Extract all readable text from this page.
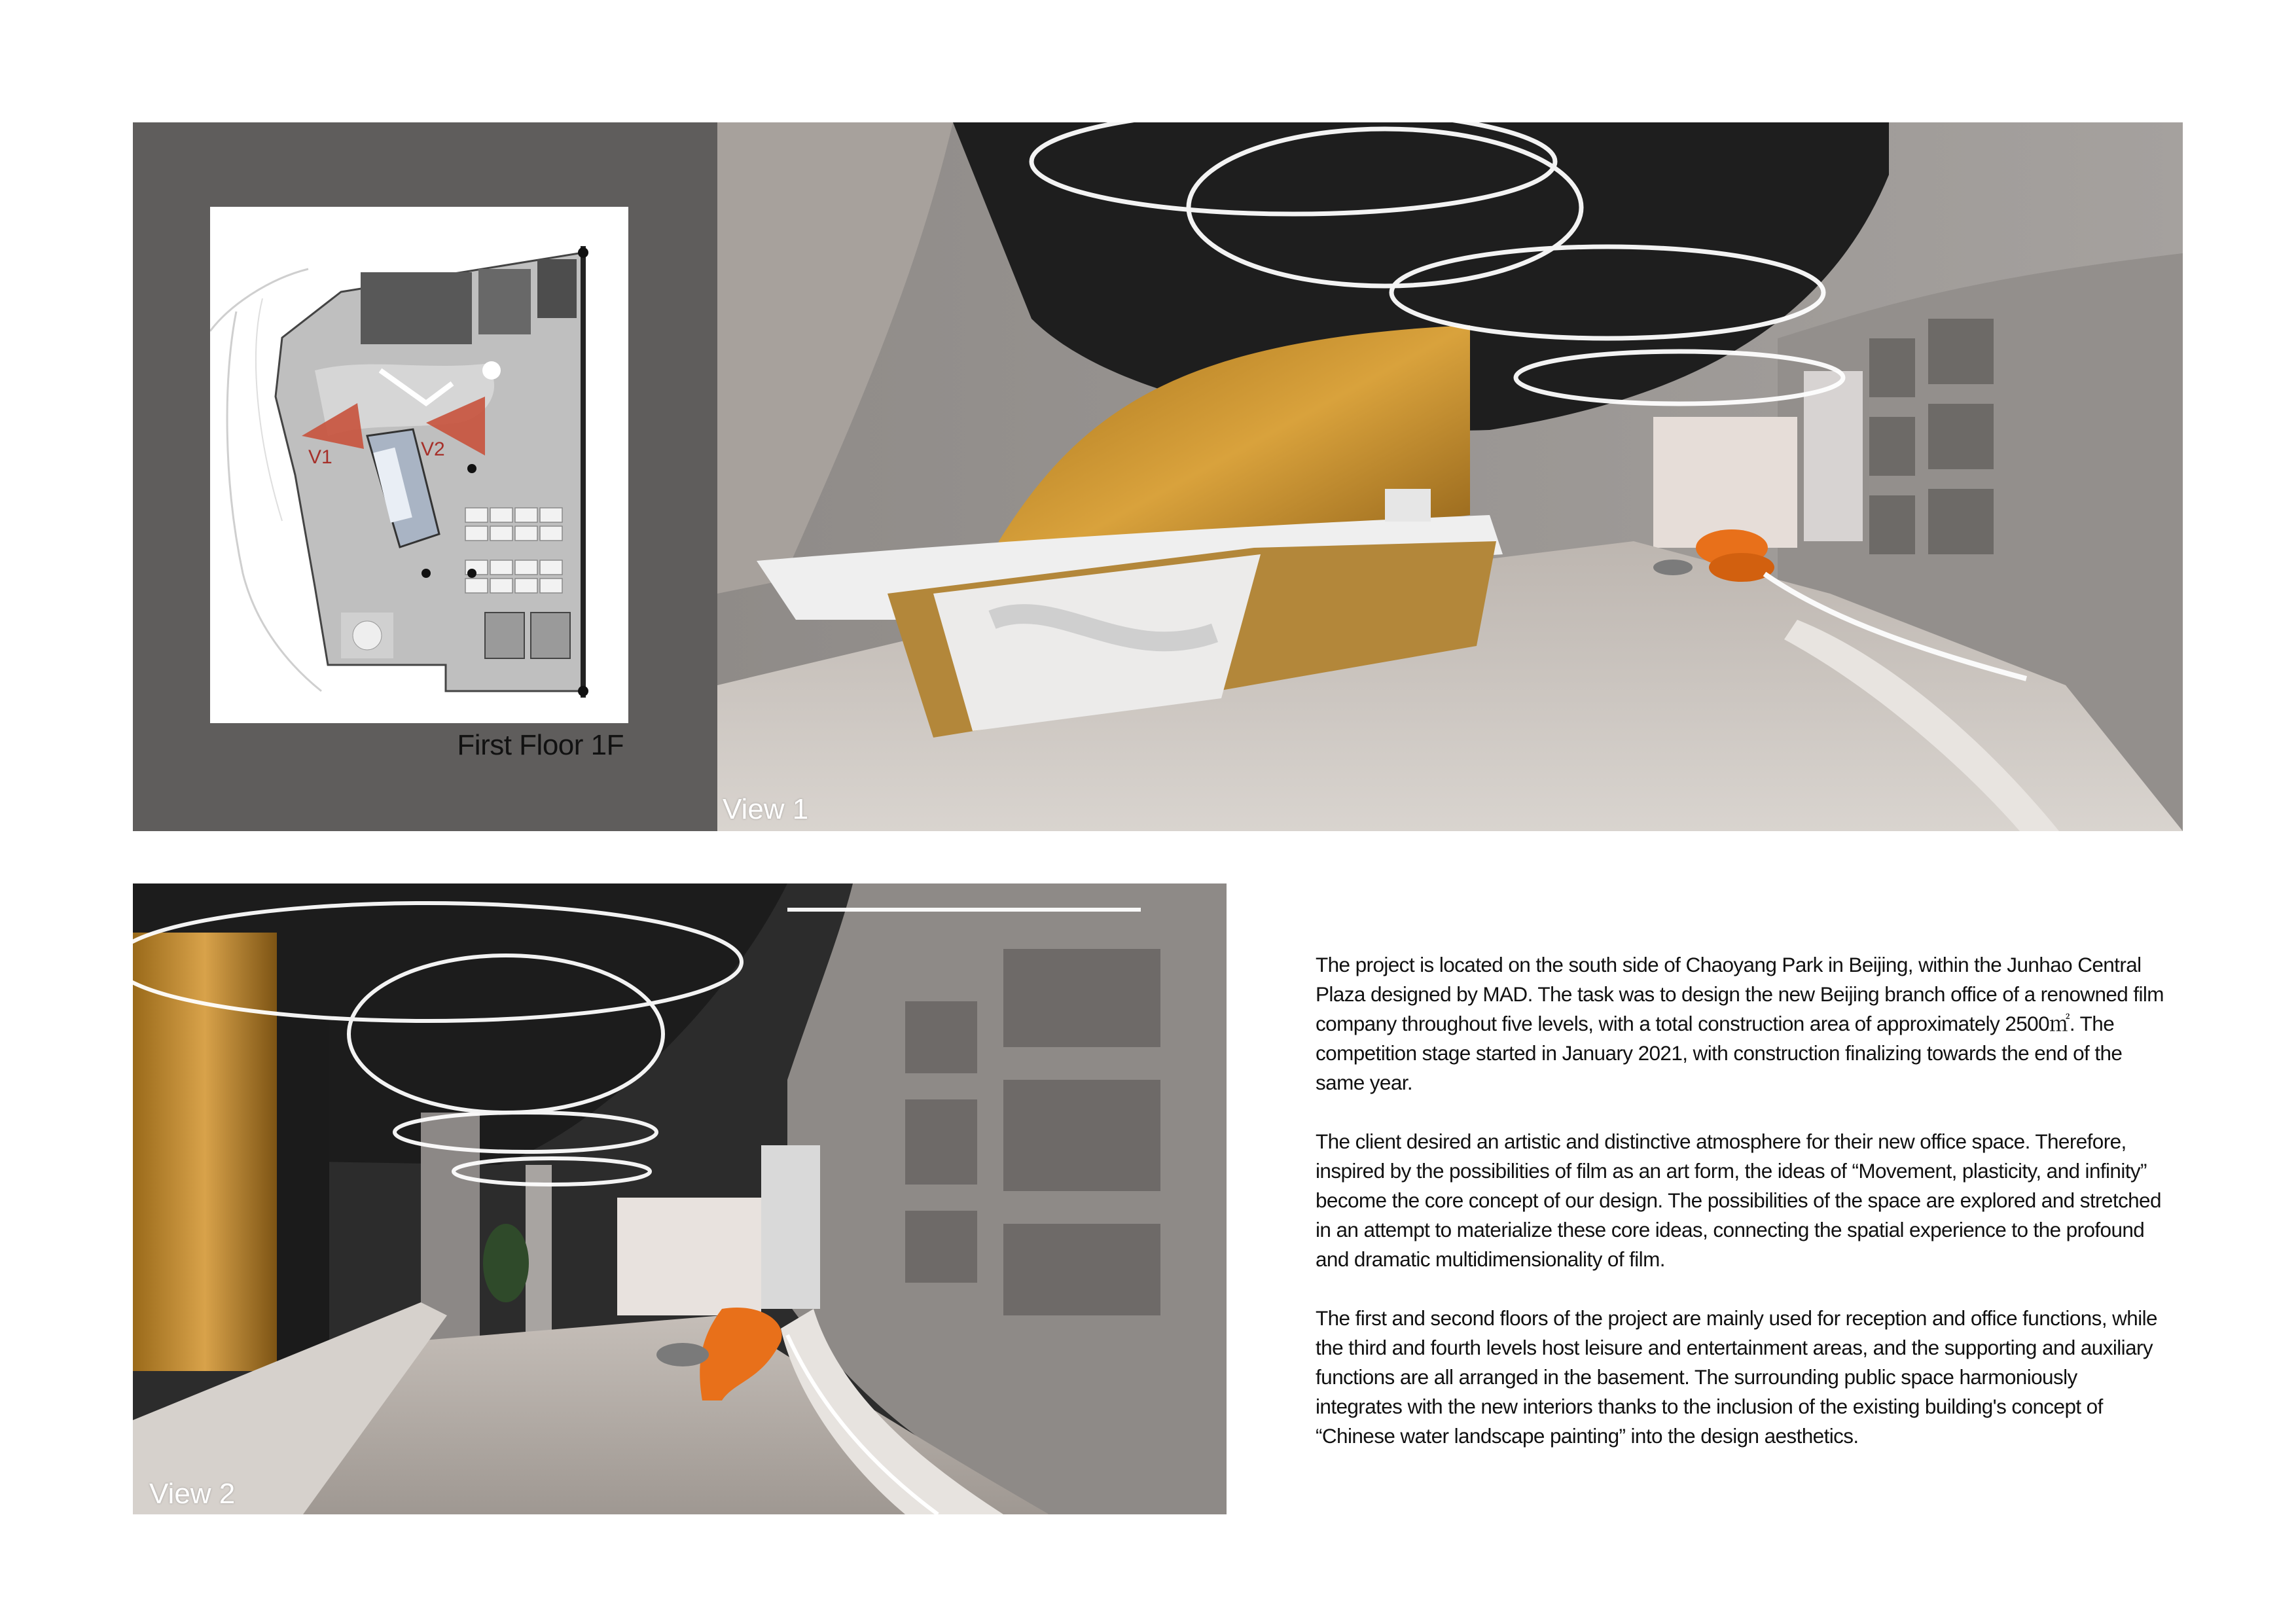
V1	V2
First Floor 1F
View 1
View 2

The project is located on the south side of Chaoyang Park in Beijing, within the Junhao Central Plaza designed by MAD. The task was to design the new Beijing branch office of a renowned film company throughout five levels, with a total construction area of approximately 2500㎡. The competition stage started in January 2021, with construction finalizing towards the end of the same year.

The client desired an artistic and distinctive atmosphere for their new office space. Therefore, inspired by the possibilities of film as an art form, the ideas of “Movement, plasticity, and infinity” become the core concept of our design. The possibilities of the space are explored and stretched in an attempt to materialize these core ideas, connecting the spatial experience to the profound and dramatic multidimensionality of film.

The first and second floors of the project are mainly used for reception and office functions, while the third and fourth levels host leisure and entertainment areas, and the supporting and auxiliary functions are all arranged in the basement. The surrounding public space harmoniously integrates with the new interiors thanks to the inclusion of the existing building's concept of “Chinese water landscape painting” into the design aesthetics.
